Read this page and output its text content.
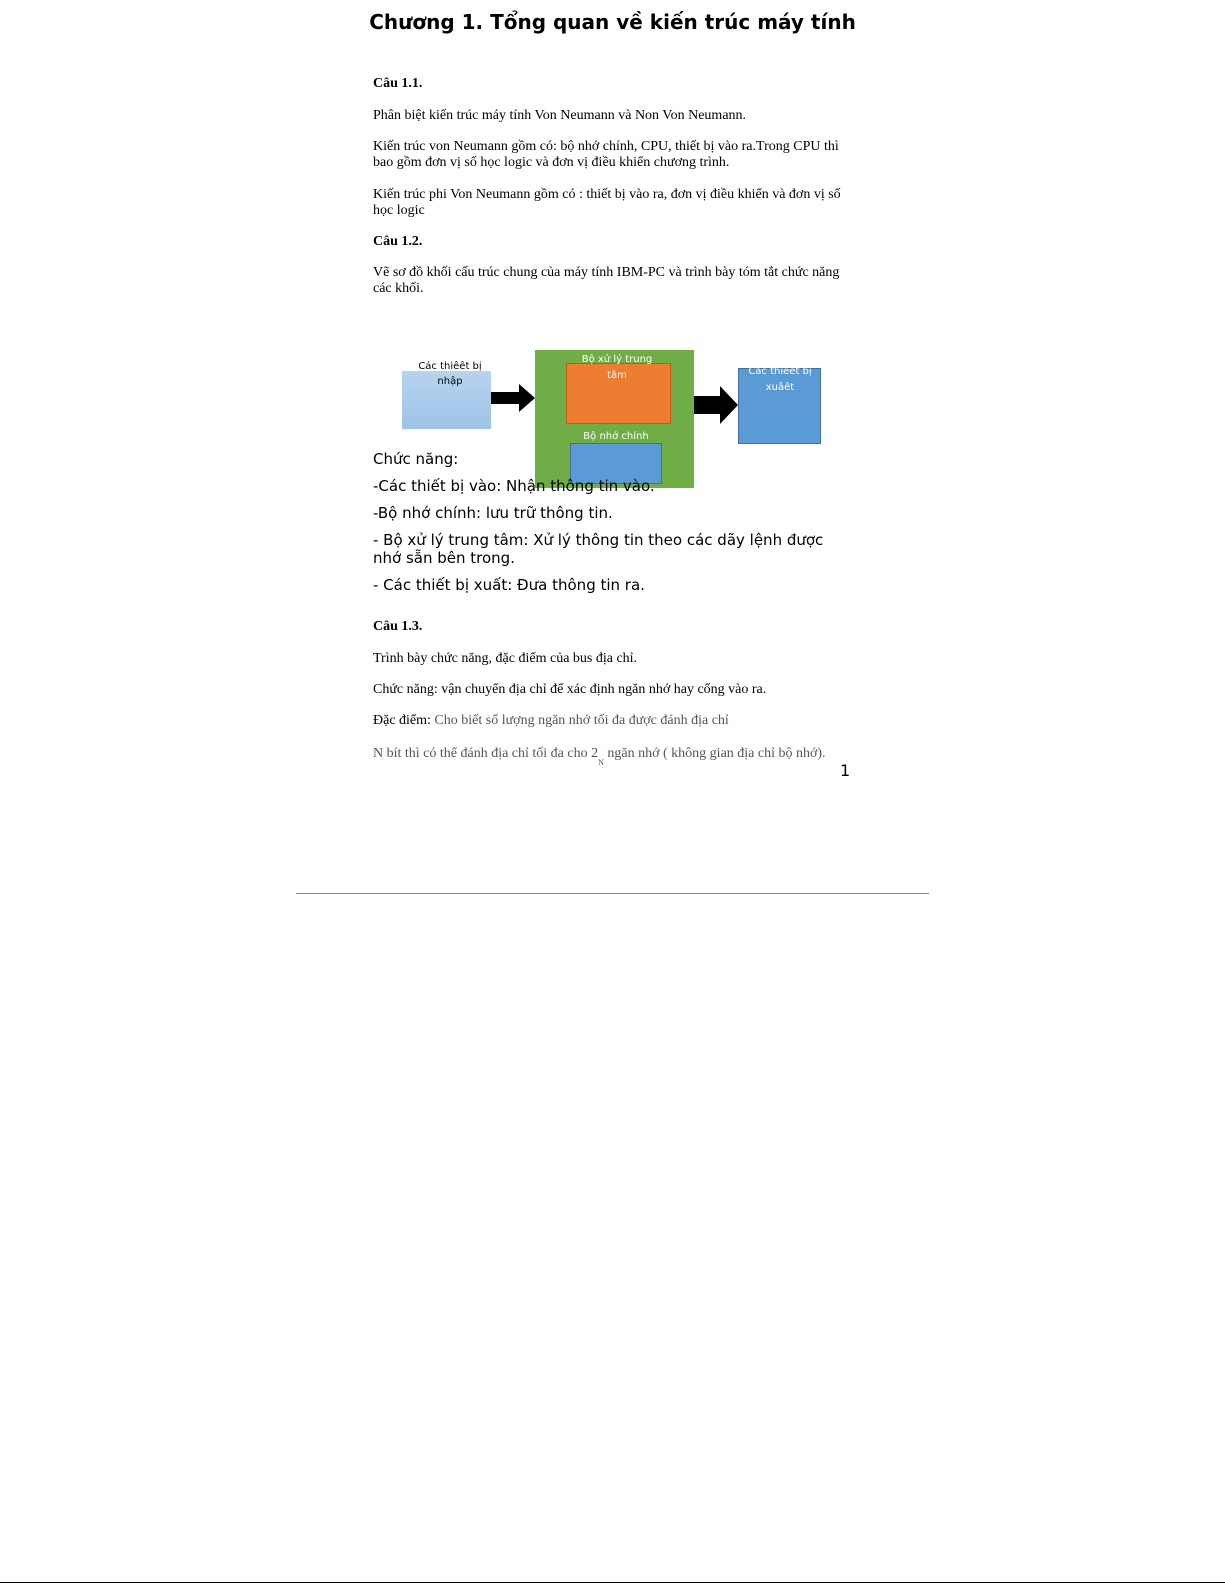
Chương 1. Tổng quan về kiến trúc máy tính
Câu 1.1.
Phân biệt kiến trúc máy tính Von Neumann và Non Von Neumann.
Kiến trúc von Neumann gồm có: bộ nhớ chính, CPU, thiết bị vào ra.Trong CPU thì bao gồm đơn vị số học logic và đơn vị điều khiển chương trình.
Kiến trúc phi Von Neumann gồm có : thiết bị vào ra, đơn vị điều khiển và đơn vị số học logic
Câu 1.2.
Vẽ sơ đồ khối cấu trúc chung của máy tính IBM-PC và trình bày tóm tắt chức năng các khối.
Các thiêêt bị nhập
Bộ xử lý trung tâm
Bộ nhớ chính
Các thiêêt bị xuâêt
Chức năng:
-Các thiết bị vào: Nhận thông tin vào.
-Bộ nhớ chính: lưu trữ thông tin.
- Bộ xử lý trung tâm: Xử lý thông tin theo các dãy lệnh được nhớ sẵn bên trong.
- Các thiết bị xuất: Đưa thông tin ra.
Câu 1.3.
Trình bày chức năng, đặc điểm của bus địa chỉ.
Chức năng: vận chuyển địa chỉ để xác định ngăn nhớ hay cổng vào ra.
Đặc điểm: Cho biết số lượng ngăn nhớ tối đa được đánh địa chỉ
N bít thì có thể đánh địa chỉ tối đa cho $2_N$ ngăn nhớ ( không gian địa chỉ bộ nhớ).
1
